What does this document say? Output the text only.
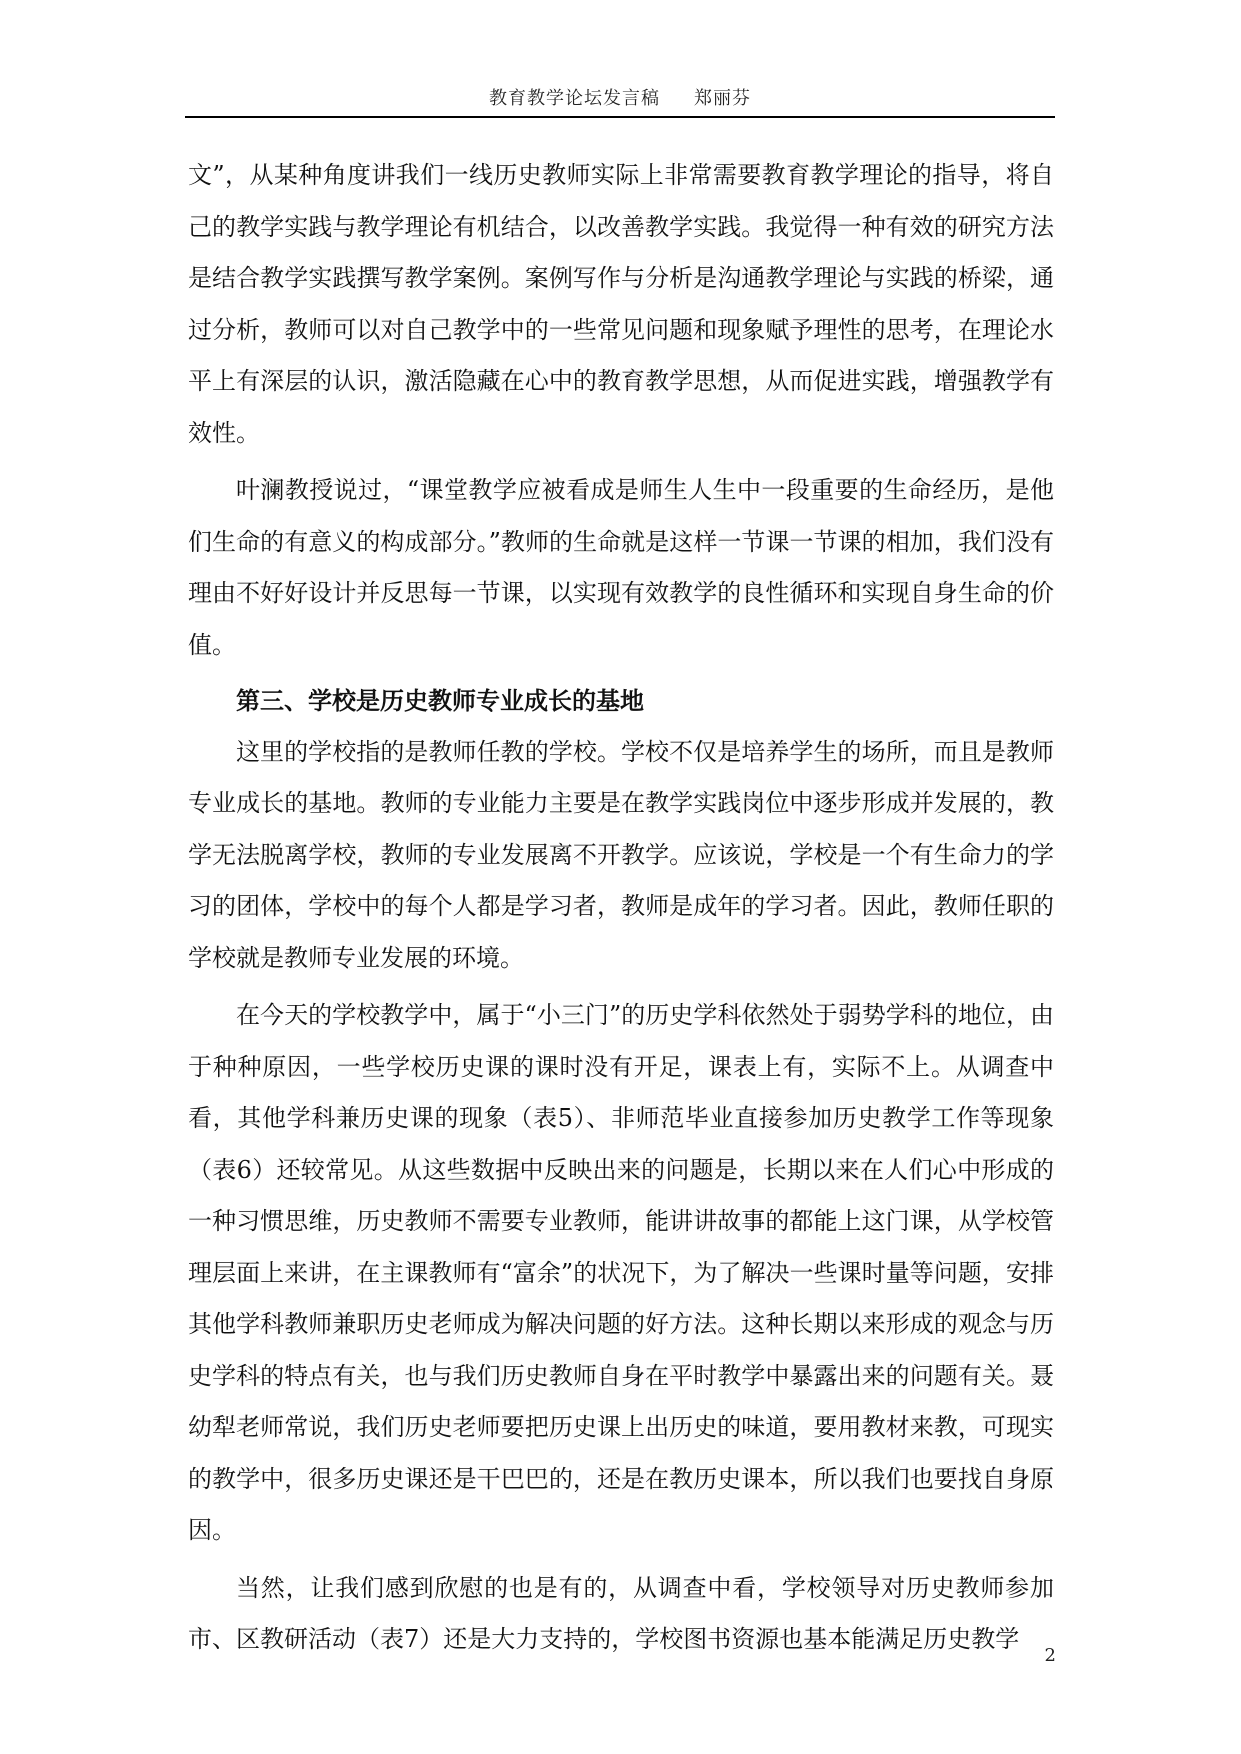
教育教学论坛发言稿 郑丽芬

文”，从某种角度讲我们一线历史教师实际上非常需要教育教学理论的指导，将自己的教学实践与教学理论有机结合，以改善教学实践。我觉得一种有效的研究方法是结合教学实践撰写教学案例。案例写作与分析是沟通教学理论与实践的桥梁，通过分析，教师可以对自己教学中的一些常见问题和现象赋予理性的思考，在理论水平上有深层的认识，激活隐藏在心中的教育教学思想，从而促进实践，增强教学有效性。

叶澜教授说过，“课堂教学应被看成是师生人生中一段重要的生命经历，是他们生命的有意义的构成部分。”教师的生命就是这样一节课一节课的相加，我们没有理由不好好设计并反思每一节课，以实现有效教学的良性循环和实现自身生命的价值。

第三、学校是历史教师专业成长的基地

这里的学校指的是教师任教的学校。学校不仅是培养学生的场所，而且是教师专业成长的基地。教师的专业能力主要是在教学实践岗位中逐步形成并发展的，教学无法脱离学校，教师的专业发展离不开教学。应该说，学校是一个有生命力的学习的团体，学校中的每个人都是学习者，教师是成年的学习者。因此，教师任职的学校就是教师专业发展的环境。

在今天的学校教学中，属于“小三门”的历史学科依然处于弱势学科的地位，由于种种原因，一些学校历史课的课时没有开足，课表上有，实际不上。从调查中看，其他学科兼历史课的现象（表5）、非师范毕业直接参加历史教学工作等现象（表6）还较常见。从这些数据中反映出来的问题是，长期以来在人们心中形成的一种习惯思维，历史教师不需要专业教师，能讲讲故事的都能上这门课，从学校管理层面上来讲，在主课教师有“富余”的状况下，为了解决一些课时量等问题，安排其他学科教师兼职历史老师成为解决问题的好方法。这种长期以来形成的观念与历史学科的特点有关，也与我们历史教师自身在平时教学中暴露出来的问题有关。聂幼犁老师常说，我们历史老师要把历史课上出历史的味道，要用教材来教，可现实的教学中，很多历史课还是干巴巴的，还是在教历史课本，所以我们也要找自身原因。

当然，让我们感到欣慰的也是有的，从调查中看，学校领导对历史教师参加市、区教研活动（表7）还是大力支持的，学校图书资源也基本能满足历史教学

2
